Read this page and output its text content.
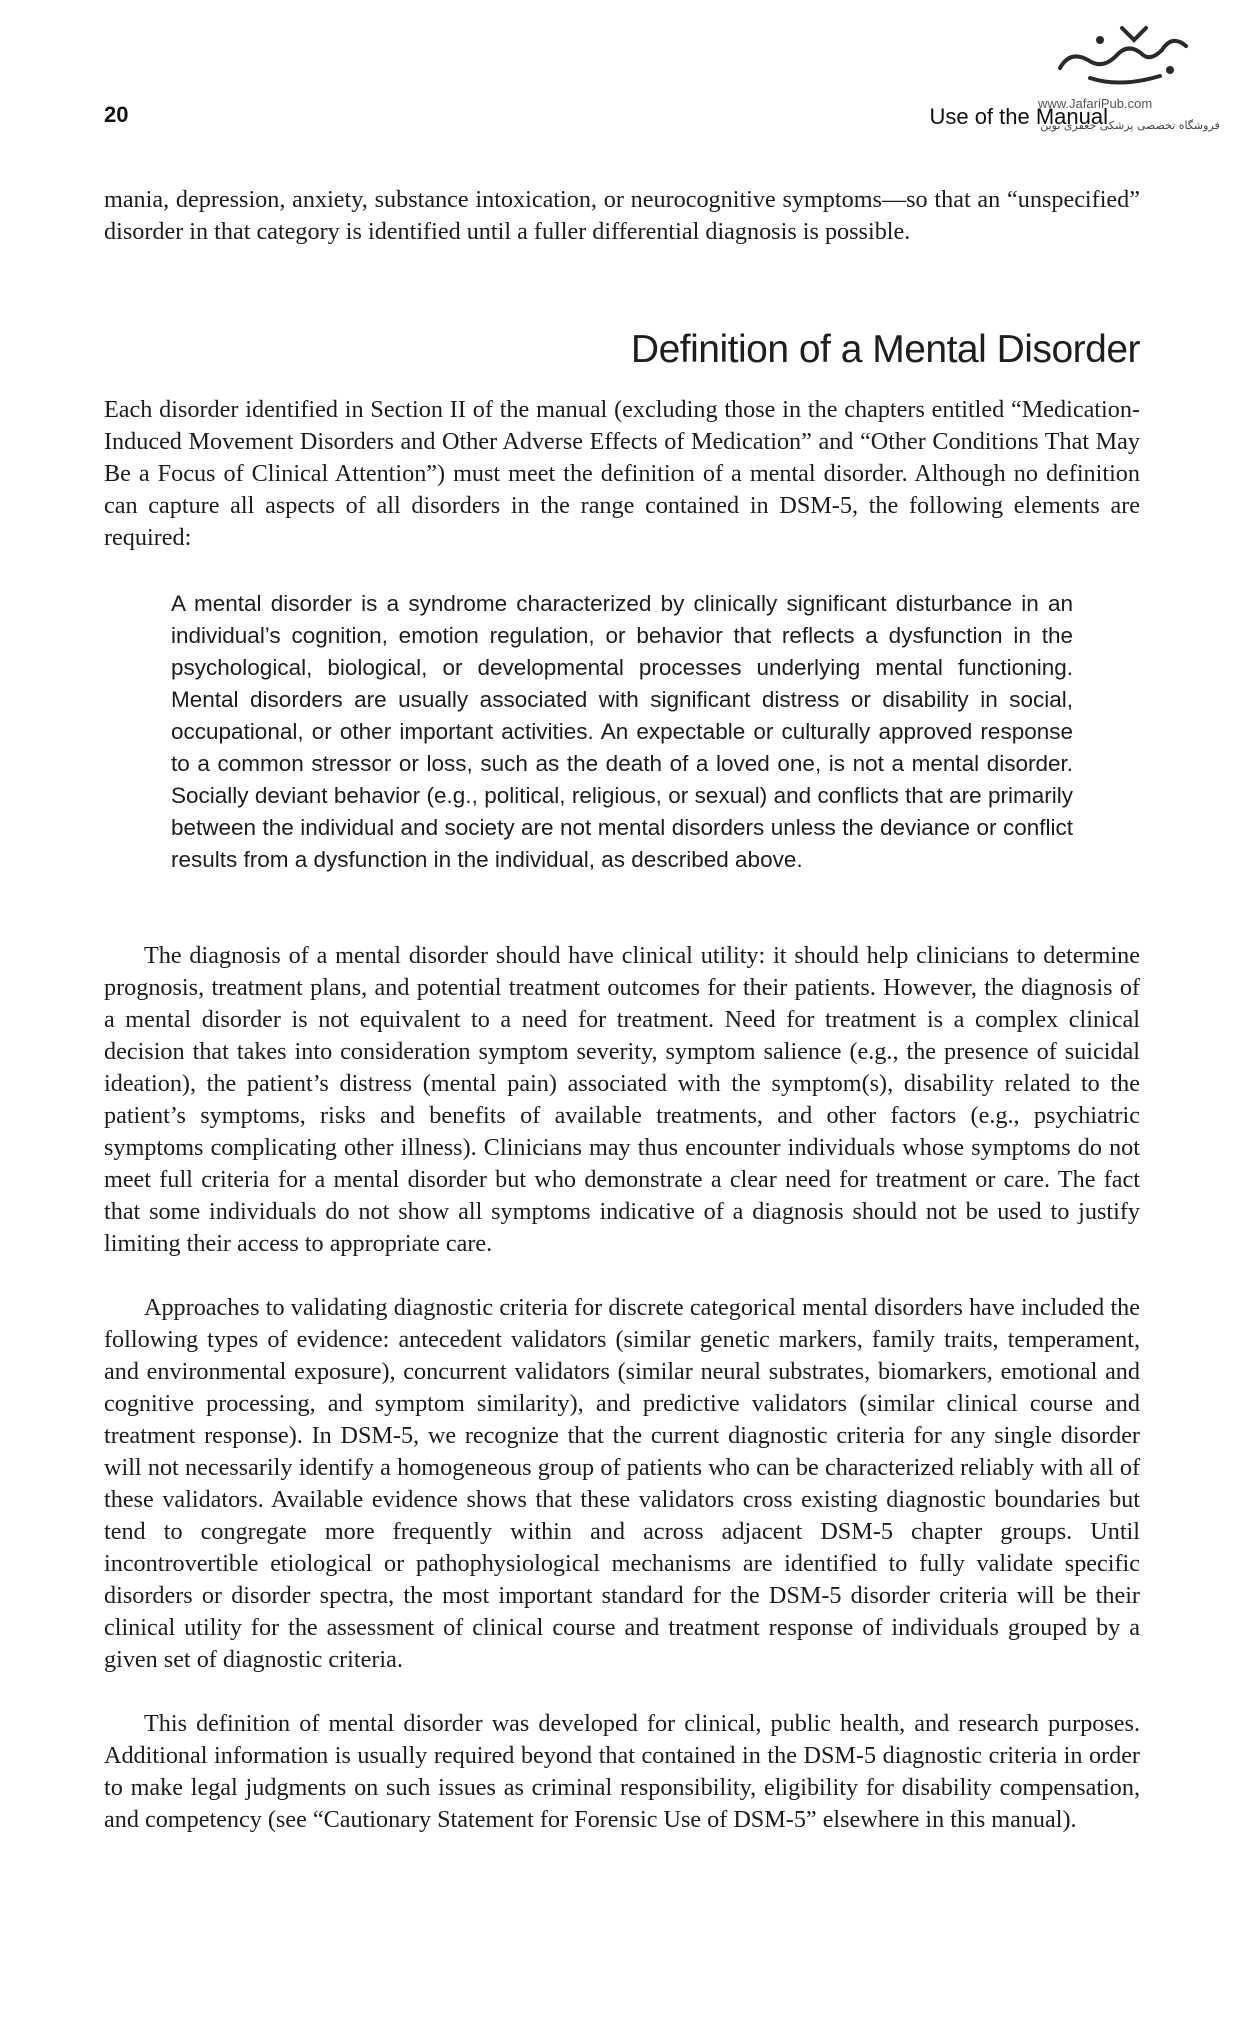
20	Use of the Manual
www.JafariPub.com
فروشگاه تخصصی پزشکی جعفری نوین

mania, depression, anxiety, substance intoxication, or neurocognitive symptoms—so that an “unspecified” disorder in that category is identified until a fuller differential diagnosis is possible.

Definition of a Mental Disorder

Each disorder identified in Section II of the manual (excluding those in the chapters entitled “Medication-Induced Movement Disorders and Other Adverse Effects of Medication” and “Other Conditions That May Be a Focus of Clinical Attention”) must meet the definition of a mental disorder. Although no definition can capture all aspects of all disorders in the range contained in DSM-5, the following elements are required:

A mental disorder is a syndrome characterized by clinically significant disturbance in an individual’s cognition, emotion regulation, or behavior that reflects a dysfunction in the psychological, biological, or developmental processes underlying mental functioning. Mental disorders are usually associated with significant distress or disability in social, occupational, or other important activities. An expectable or culturally approved response to a common stressor or loss, such as the death of a loved one, is not a mental disorder. Socially deviant behavior (e.g., political, religious, or sexual) and conflicts that are primarily between the individual and society are not mental disorders unless the deviance or conflict results from a dysfunction in the individual, as described above.

The diagnosis of a mental disorder should have clinical utility: it should help clinicians to determine prognosis, treatment plans, and potential treatment outcomes for their patients. However, the diagnosis of a mental disorder is not equivalent to a need for treatment. Need for treatment is a complex clinical decision that takes into consideration symptom severity, symptom salience (e.g., the presence of suicidal ideation), the patient’s distress (mental pain) associated with the symptom(s), disability related to the patient’s symptoms, risks and benefits of available treatments, and other factors (e.g., psychiatric symptoms complicating other illness). Clinicians may thus encounter individuals whose symptoms do not meet full criteria for a mental disorder but who demonstrate a clear need for treatment or care. The fact that some individuals do not show all symptoms indicative of a diagnosis should not be used to justify limiting their access to appropriate care.

Approaches to validating diagnostic criteria for discrete categorical mental disorders have included the following types of evidence: antecedent validators (similar genetic markers, family traits, temperament, and environmental exposure), concurrent validators (similar neural substrates, biomarkers, emotional and cognitive processing, and symptom similarity), and predictive validators (similar clinical course and treatment response). In DSM-5, we recognize that the current diagnostic criteria for any single disorder will not necessarily identify a homogeneous group of patients who can be characterized reliably with all of these validators. Available evidence shows that these validators cross existing diagnostic boundaries but tend to congregate more frequently within and across adjacent DSM-5 chapter groups. Until incontrovertible etiological or pathophysiological mechanisms are identified to fully validate specific disorders or disorder spectra, the most important standard for the DSM-5 disorder criteria will be their clinical utility for the assessment of clinical course and treatment response of individuals grouped by a given set of diagnostic criteria.

This definition of mental disorder was developed for clinical, public health, and research purposes. Additional information is usually required beyond that contained in the DSM-5 diagnostic criteria in order to make legal judgments on such issues as criminal responsibility, eligibility for disability compensation, and competency (see “Cautionary Statement for Forensic Use of DSM-5” elsewhere in this manual).
